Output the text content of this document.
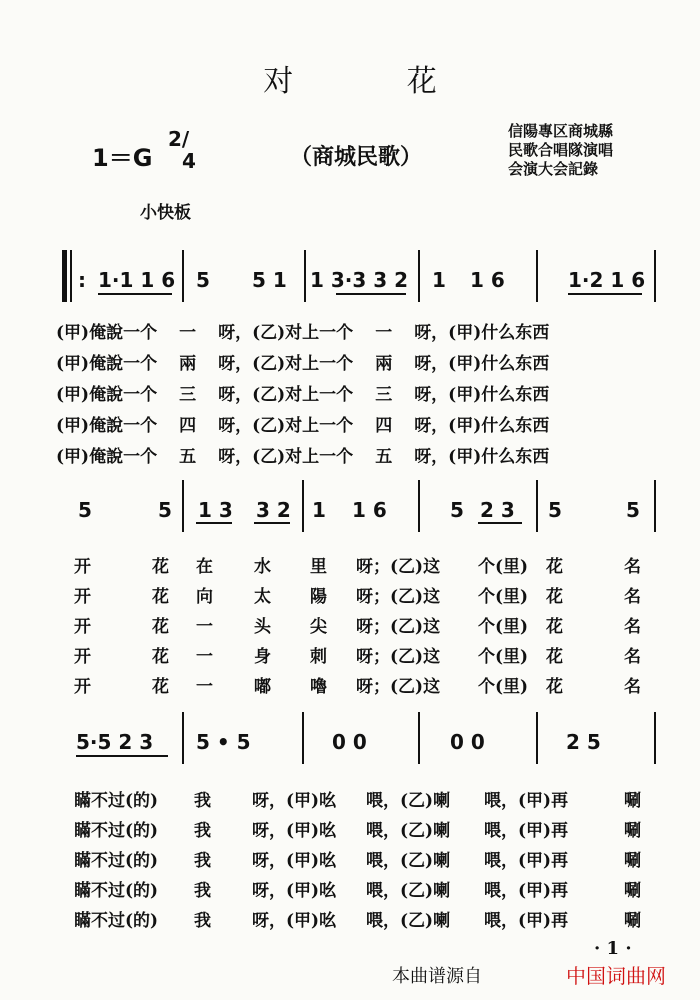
对 花
1＝G
2/
4	（商城民歌）
信陽專区商城縣
民歌合唱隊演唱
会演大会記錄
小快板
: 1·1 1 6 5 5 1 1 3·3 3 2 1 1 6	1·2 1 6
(甲)俺說一个 一 呀，(乙)对上一个 一 呀，(甲)什么东西
(甲)俺說一个 兩 呀，(乙)对上一个 兩 呀，(甲)什么东西
(甲)俺說一个 三 呀，(乙)对上一个 三 呀，(甲)什么东西
(甲)俺說一个 四 呀，(乙)对上一个 四 呀，(甲)什么东西
(甲)俺說一个 五 呀，(乙)对上一个 五 呀，(甲)什么东西
5	5 1 3 3 2 1 1 6	5 2 3 5	5
开	花 在 水 里 呀；(乙)这 个(里) 花	名
开	花 向 太 陽 呀；(乙)这 个(里) 花	名
开	花 一 头 尖 呀；(乙)这 个(里) 花	名
开	花 一 身 刺 呀；(乙)这 个(里) 花	名
开	花 一 嘟 嚕 呀；(乙)这 个(里) 花	名
5·5 2 3 5 • 5	0 0	0 0	2 5
瞞不过(的) 我 呀，(甲)吆 喂，(乙)喇 喂，(甲)再	唰
瞞不过(的) 我 呀，(甲)吆 喂，(乙)喇 喂，(甲)再	唰
瞞不过(的) 我 呀，(甲)吆 喂，(乙)喇 喂，(甲)再	唰
瞞不过(的) 我 呀，(甲)吆 喂，(乙)喇 喂，(甲)再	唰
瞞不过(的) 我 呀，(甲)吆 喂，(乙)喇 喂，(甲)再	唰
· 1 ·
本曲谱源自	中国词曲网
